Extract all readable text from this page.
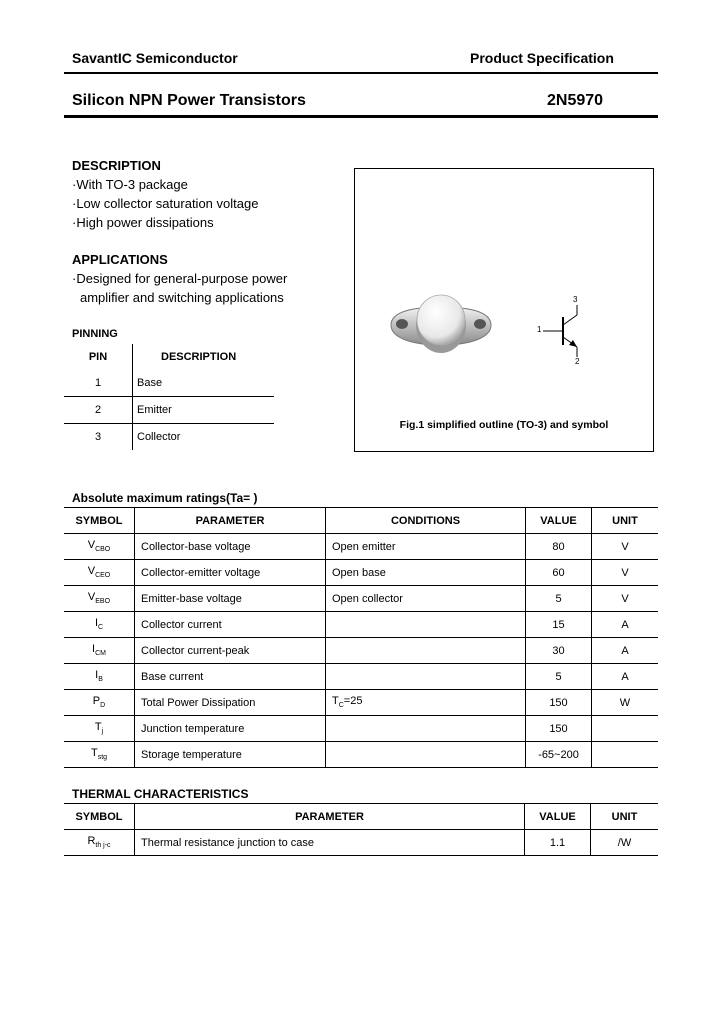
SavantIC Semiconductor	Product Specification
Silicon NPN Power Transistors	2N5970
DESCRIPTION
·With TO-3 package
·Low collector saturation voltage
·High power dissipations
APPLICATIONS
·Designed for general-purpose power
amplifier and switching applications
PINNING
PIN	DESCRIPTION
1	Base
2	Emitter
3	Collector
1
3
2
Fig.1 simplified outline (TO-3) and symbol
Absolute maximum ratings(Ta= )
SYMBOL	PARAMETER	CONDITIONS	VALUE	UNIT
$V_{CBO}$	Collector-base voltage	Open emitter	80	V
$V_{CEO}$	Collector-emitter voltage	Open base	60	V
$V_{EBO}$	Emitter-base voltage	Open collector	5	V
$I_C$	Collector current		15	A
$I_{CM}$	Collector current-peak		30	A
$I_B$	Base current		5	A
$P_D$	Total Power Dissipation	$T_C=25$	150	W
$T_j$	Junction temperature		150	
$T_{stg}$	Storage temperature		-65~200	
THERMAL CHARACTERISTICS
SYMBOL	PARAMETER	VALUE	UNIT
$R_{th j-c}$	Thermal resistance junction to case	1.1	/W
